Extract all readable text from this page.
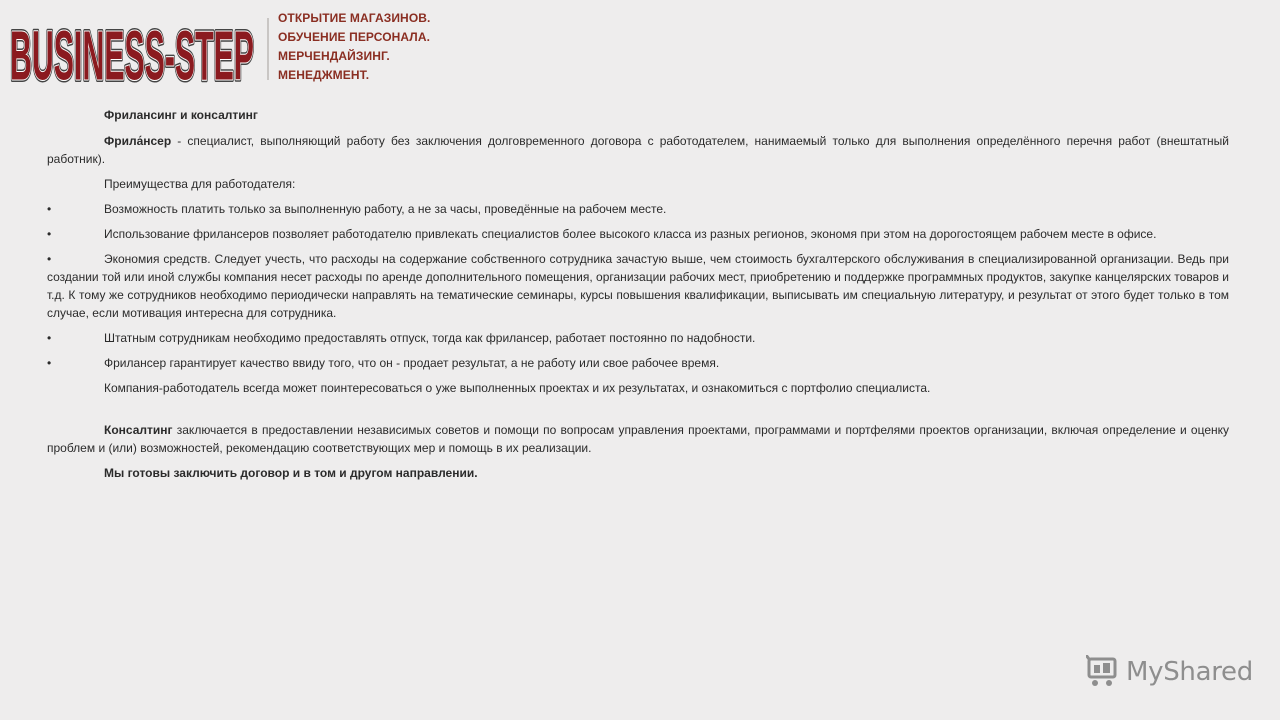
BUSINESS-STEP
BUSINESS-STEP ОТКРЫТИЕ МАГАЗИНОВ.
ОБУЧЕНИЕ ПЕРСОНАЛА.
МЕРЧЕНДАЙЗИНГ.
МЕНЕДЖМЕНТ.

Фрилансинг и консалтинг

Фрила́нсер - специалист, выполняющий работу без заключения долговременного договора с работодателем, нанимаемый только для выполнения определённого перечня работ (внештатный работник).

Преимущества для работодателя:

•	Возможность платить только за выполненную работу, а не за часы, проведённые на рабочем месте.
•	Использование фрилансеров позволяет работодателю привлекать специалистов более высокого класса из разных регионов, экономя при этом на дорогостоящем рабочем месте в офисе.
•	Экономия средств. Следует учесть, что расходы на содержание собственного сотрудника зачастую выше, чем стоимость бухгалтерского обслуживания в специализированной организации. Ведь при создании той или иной службы компания несет расходы по аренде дополнительного помещения, организации рабочих мест, приобретению и поддержке программных продуктов, закупке канцелярских товаров и т.д. К тому же сотрудников необходимо периодически направлять на тематические семинары, курсы повышения квалификации, выписывать им специальную литературу, и результат от этого будет только в том случае, если мотивация интересна для сотрудника.
•	Штатным сотрудникам необходимо предоставлять отпуск, тогда как фрилансер, работает постоянно по надобности.
•	Фрилансер гарантирует качество ввиду того, что он - продает результат, а не работу или свое рабочее время.

Компания-работодатель всегда может поинтересоваться о уже выполненных проектах и их результатах, и ознакомиться с портфолио специалиста.

Консалтинг заключается в предоставлении независимых советов и помощи по вопросам управления проектами, программами и портфелями проектов организации, включая определение и оценку проблем и (или) возможностей, рекомендацию соответствующих мер и помощь в их реализации.

Мы готовы заключить договор и в том и другом направлении.

MyShared
